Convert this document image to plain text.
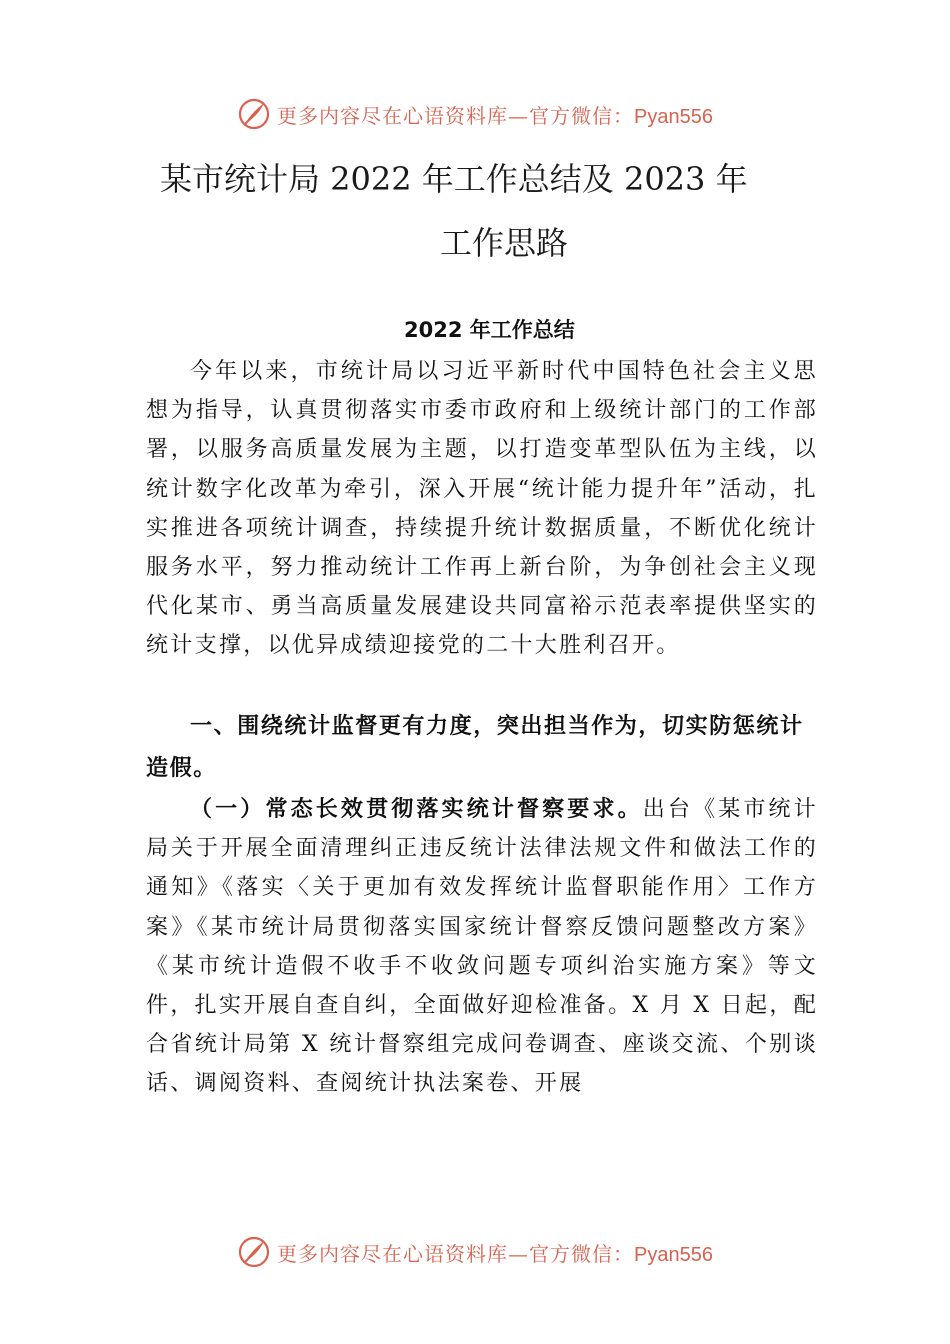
更多内容尽在心语资料库—官方微信：Pyan556
某市统计局 2022 年工作总结及 2023 年
工作思路
2022 年工作总结

今年以来，市统计局以习近平新时代中国特色社会主义思想为指导，认真贯彻落实市委市政府和上级统计部门的工作部署，以服务高质量发展为主题，以打造变革型队伍为主线，以统计数字化改革为牵引，深入开展“统计能力提升年”活动，扎实推进各项统计调查，持续提升统计数据质量，不断优化统计服务水平，努力推动统计工作再上新台阶，为争创社会主义现代化某市、勇当高质量发展建设共同富裕示范表率提供坚实的统计支撑，以优异成绩迎接党的二十大胜利召开。

一、围绕统计监督更有力度，突出担当作为，切实防惩统计造假。

（一）常态长效贯彻落实统计督察要求。出台《某市统计局关于开展全面清理纠正违反统计法律法规文件和做法工作的通知》《落实〈关于更加有效发挥统计监督职能作用〉工作方案》《某市统计局贯彻落实国家统计督察反馈问题整改方案》《某市统计造假不收手不收敛问题专项纠治实施方案》等文件，扎实开展自查自纠，全面做好迎检准备。X 月 X 日起，配合省统计局第 X 统计督察组完成问卷调查、座谈交流、个别谈话、调阅资料、查阅统计执法案卷、开展

更多内容尽在心语资料库—官方微信：Pyan556
